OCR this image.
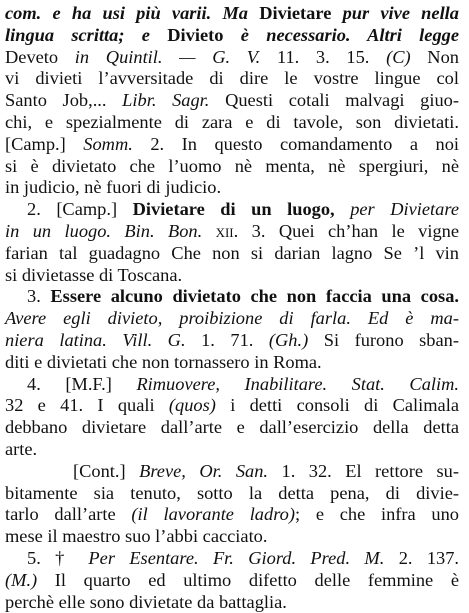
com. e ha usi più varii. Ma Divietare pur vive nella
lingua scritta; e Divieto è necessario. Altri legge
Deveto in Quintil. — G. V. 11. 3. 15. (C) Non
vi divieti l’avversitade di dire le vostre lingue col
Santo Job,... Libr. Sagr. Questi cotali malvagi giuo-
chi, e spezialmente di zara e di tavole, son divietati.
[Camp.] Somm. 2. In questo comandamento a noi
si è divietato che l’uomo nè menta, nè spergiuri, nè
in judicio, nè fuori di judicio.
2. [Camp.] Divietare di un luogo, per Divietare
in un luogo. Bin. Bon. xii. 3. Quei ch’han le vigne
farian tal guadagno Che non si darian lagno Se ’l vin
si divietasse di Toscana.
3. Essere alcuno divietato che non faccia una cosa.
Avere egli divieto, proibizione di farla. Ed è ma-
niera latina. Vill. G. 1. 71. (Gh.) Si furono sban-
diti e divietati che non tornassero in Roma.
4. [M.F.] Rimuovere, Inabilitare. Stat. Calim.
32 e 41. I quali (quos) i detti consoli di Calimala
debbano divietare dall’arte e dall’esercizio della detta
arte.
[Cont.] Breve, Or. San. 1. 32. El rettore su-
bitamente sia tenuto, sotto la detta pena, di divie-
tarlo dall’arte (il lavorante ladro); e che infra uno
mese il maestro suo l’abbi cacciato.
5. † Per Esentare. Fr. Giord. Pred. M. 2. 137.
(M.) Il quarto ed ultimo difetto delle femmine è
perchè elle sono divietate da battaglia.
